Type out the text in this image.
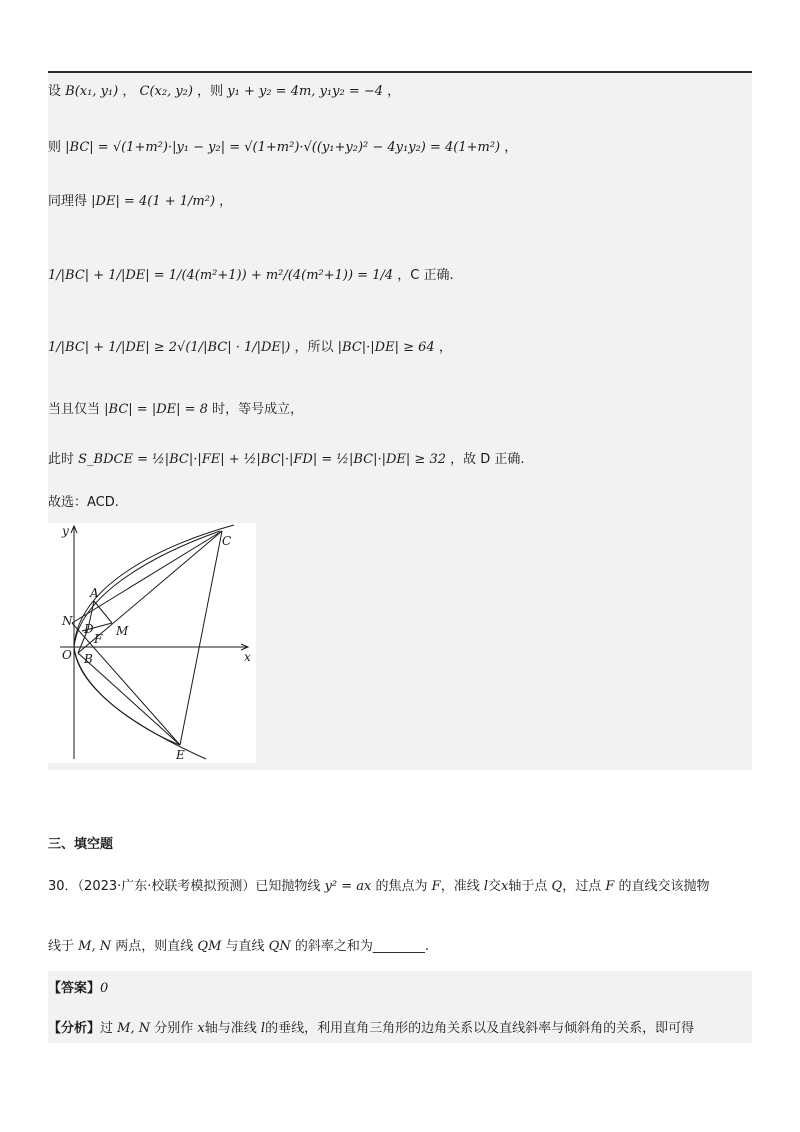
设 B(x₁, y₁) ， C(x₂, y₂) ，则 y₁ + y₂ = 4m, y₁y₂ = −4 ，
则 |BC| = √(1+m²)·|y₁ − y₂| = √(1+m²)·√((y₁+y₂)² − 4y₁y₂) = 4(1+m²) ，
同理得 |DE| = 4(1 + 1/m²) ，
1/|BC| + 1/|DE| = 1/(4(m²+1)) + m²/(4(m²+1)) = 1/4 ，C 正确.
1/|BC| + 1/|DE| ≥ 2√(1/|BC| · 1/|DE|) ，所以 |BC|·|DE| ≥ 64 ，
当且仅当 |BC| = |DE| = 8 时，等号成立，
此时 S_BDCE = ½|BC|·|FE| + ½|BC|·|FD| = ½|BC|·|DE| ≥ 32 ，故 D 正确.
故选：ACD.
y
x
O
N
A
D
F
M
B
C
E
三、填空题
30．（2023·广东·校联考模拟预测）已知抛物线 y² = ax 的焦点为 F，准线 l交x轴于点 Q，过点 F 的直线交该抛物
线于 M, N 两点，则直线 QM 与直线 QN 的斜率之和为________.
【答案】0
【分析】过 M, N 分别作 x轴与准线 l的垂线，利用直角三角形的边角关系以及直线斜率与倾斜角的关系，即可得
